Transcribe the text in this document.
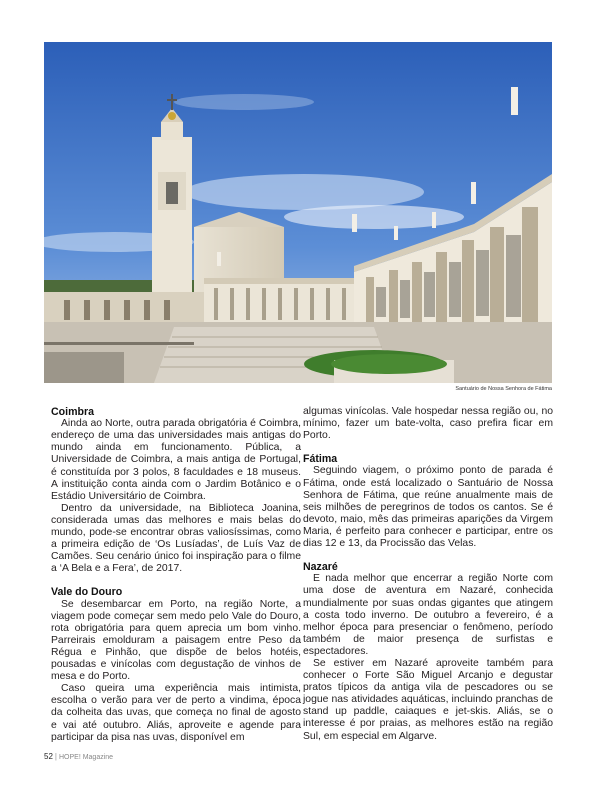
Santuário de Nossa Senhora de Fátima
Coimbra

Ainda ao Norte, outra parada obrigatória é Coimbra, endereço de uma das universidades mais antigas do mundo ainda em funcionamento. Pública, a Universidade de Coimbra, a mais antiga de Portugal, é constituída por 3 polos, 8 faculdades e 18 museus. A instituição conta ainda com o Jardim Botânico e o Estádio Universitário de Coimbra.

Dentro da universidade, na Biblioteca Joanina, considerada umas das melhores e mais belas do mundo, pode-se encontrar obras valiosíssimas, como a primeira edição de ‘Os Lusíadas’, de Luís Vaz de Camões. Seu cenário único foi inspiração para o filme a ‘A Bela e a Fera’, de 2017.

Vale do Douro

Se desembarcar em Porto, na região Norte, a viagem pode começar sem medo pelo Vale do Douro, rota obrigatória para quem aprecia um bom vinho. Parreirais emolduram a paisagem entre Peso da Régua e Pinhão, que dispõe de belos hotéis, pousadas e vinícolas com degustação de vinhos de mesa e do Porto.

Caso queira uma experiência mais intimista, escolha o verão para ver de perto a vindima, época da colheita das uvas, que começa no final de agosto e vai até outubro. Aliás, aproveite e agende para participar da pisa nas uvas, disponível em

algumas vinícolas. Vale hospedar nessa região ou, no mínimo, fazer um bate-volta, caso prefira ficar em Porto.

Fátima

Seguindo viagem, o próximo ponto de parada é Fátima, onde está localizado o Santuário de Nossa Senhora de Fátima, que reúne anualmente mais de seis milhões de peregrinos de todos os cantos. Se é devoto, maio, mês das primeiras aparições da Virgem Maria, é perfeito para conhecer e participar, entre os dias 12 e 13, da Procissão das Velas.

Nazaré

E nada melhor que encerrar a região Norte com uma dose de aventura em Nazaré, conhecida mundialmente por suas ondas gigantes que atingem a costa todo inverno. De outubro a fevereiro, é a melhor época para presenciar o fenômeno, período também de maior presença de surfistas e espectadores.

Se estiver em Nazaré aproveite também para conhecer o Forte São Miguel Arcanjo e degustar pratos típicos da antiga vila de pescadores ou se jogue nas atividades aquáticas, incluindo pranchas de stand up paddle, caiaques e jet-skis. Aliás, se o interesse é por praias, as melhores estão na região Sul, em especial em Algarve.

52 | HOPE! Magazine
